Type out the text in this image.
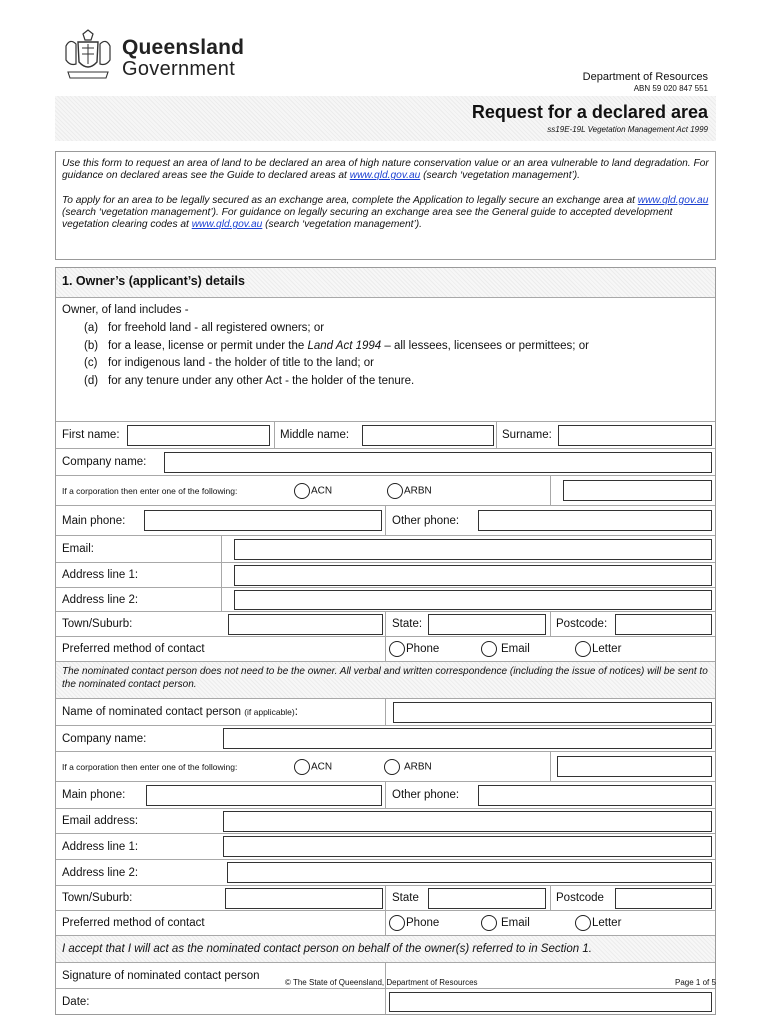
Queensland
Government	Department of Resources
ABN 59 020 847 551
Request for a declared area
ss19E-19L Vegetation Management Act 1999

Use this form to request an area of land to be declared an area of high nature conservation value or an area vulnerable to land degradation. For guidance on declared areas see the Guide to declared areas at www.qld.gov.au (search ‘vegetation management’).

To apply for an area to be legally secured as an exchange area, complete the Application to legally secure an exchange area at www.qld.gov.au (search ‘vegetation management’). For guidance on legally securing an exchange area see the General guide to accepted development vegetation clearing codes at www.qld.gov.au (search ‘vegetation management’).

1. Owner’s (applicant’s) details
Owner, of land includes -
(a) for freehold land - all registered owners; or
(b) for a lease, license or permit under the Land Act 1994 – all lessees, licensees or permittees; or
(c) for indigenous land - the holder of title to the land; or
(d) for any tenure under any other Act - the holder of the tenure.
First name:	Middle name:	Surname:
Company name:
If a corporation then enter one of the following:	ACN	ARBN
Main phone:	Other phone:
Email:
Address line 1:
Address line 2:
Town/Suburb:	State:	Postcode:
Preferred method of contact	Phone	Email	Letter
The nominated contact person does not need to be the owner. All verbal and written correspondence (including the issue of notices) will be sent to the nominated contact person.
Name of nominated contact person (if applicable):
Company name:
If a corporation then enter one of the following:	ACN	ARBN
Main phone:	Other phone:
Email address:
Address line 1:
Address line 2:
Town/Suburb:	State	Postcode
Preferred method of contact	Phone	Email	Letter
I accept that I will act as the nominated contact person on behalf of the owner(s) referred to in Section 1.
Signature of nominated contact person
Date:
© The State of Queensland, Department of Resources	Page 1 of 5
